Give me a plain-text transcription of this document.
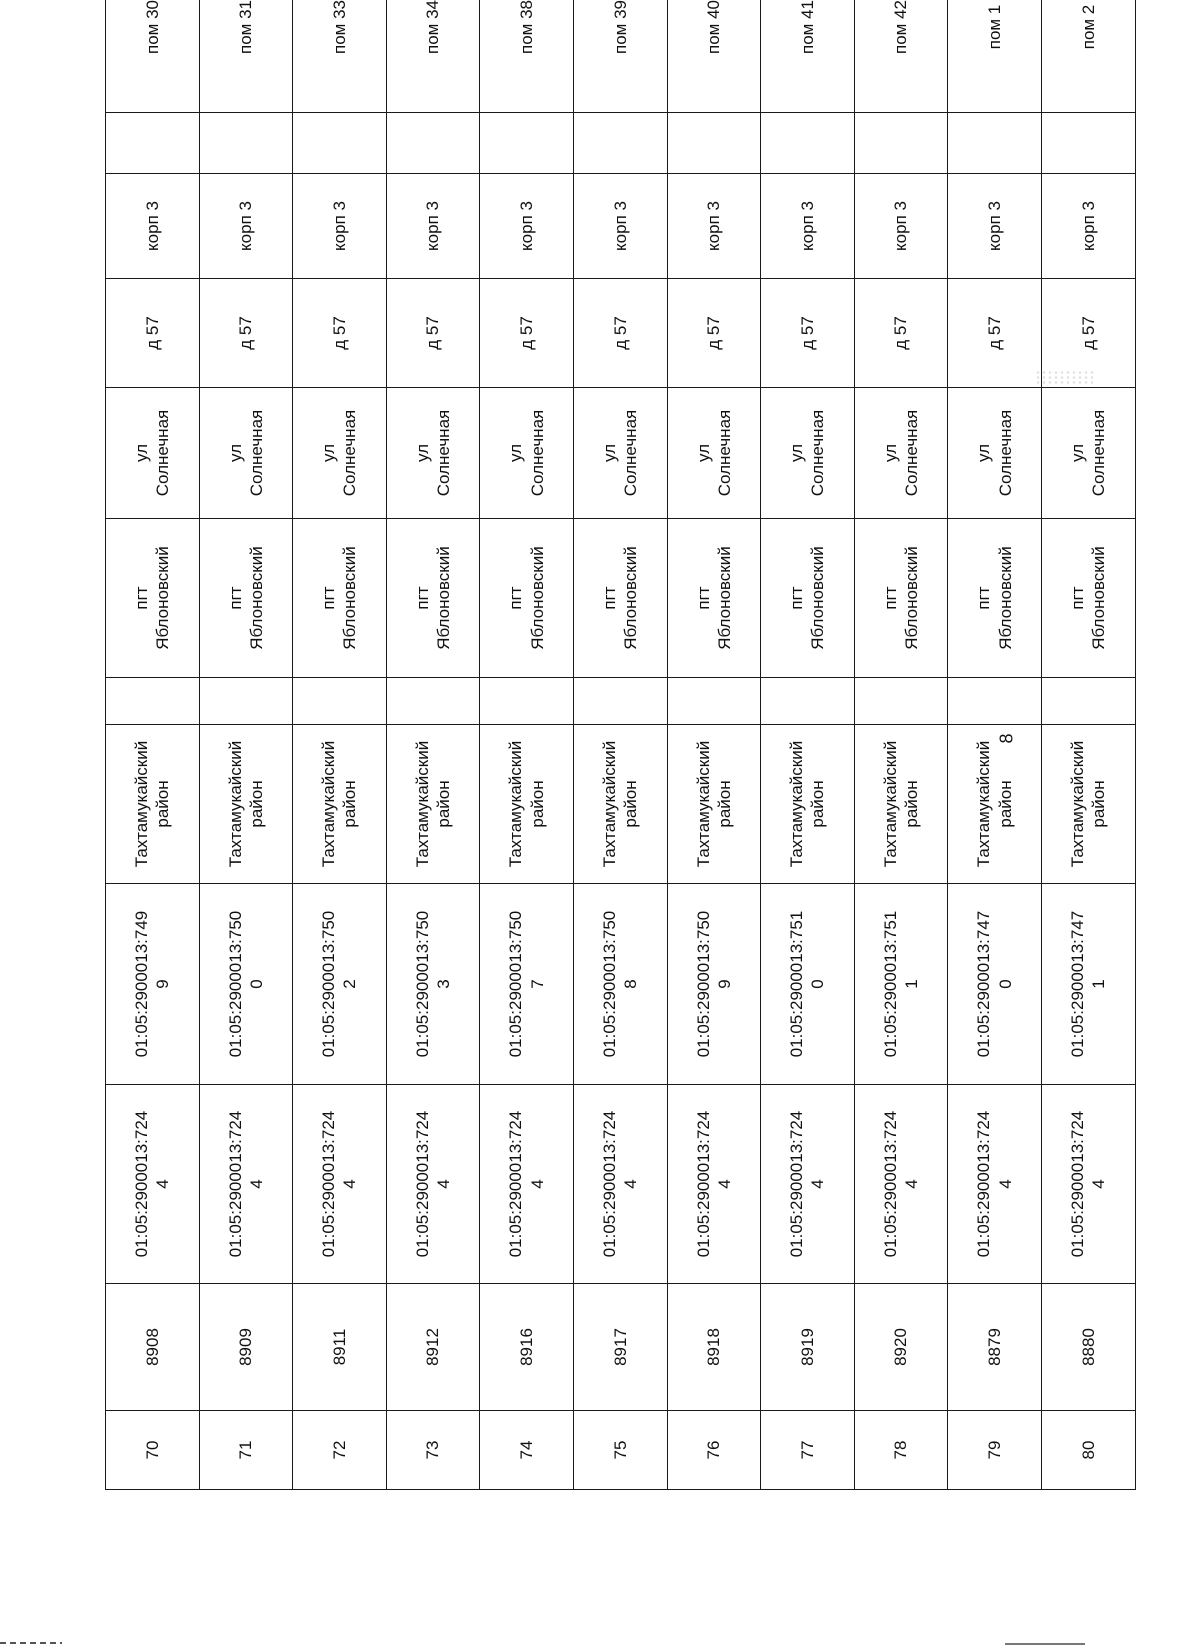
70	8908	01:05:2900013:724 4	01:05:2900013:749 9	Тахтамукайский район		пгт Яблоновский	ул Солнечная	д 57	корп 3		пом 30
71	8909	01:05:2900013:724 4	01:05:2900013:750 0	Тахтамукайский район		пгт Яблоновский	ул Солнечная	д 57	корп 3		пом 31
72	8911	01:05:2900013:724 4	01:05:2900013:750 2	Тахтамукайский район		пгт Яблоновский	ул Солнечная	д 57	корп 3		пом 33
73	8912	01:05:2900013:724 4	01:05:2900013:750 3	Тахтамукайский район		пгт Яблоновский	ул Солнечная	д 57	корп 3		пом 34
74	8916	01:05:2900013:724 4	01:05:2900013:750 7	Тахтамукайский район		пгт Яблоновский	ул Солнечная	д 57	корп 3		пом 38
75	8917	01:05:2900013:724 4	01:05:2900013:750 8	Тахтамукайский район		пгт Яблоновский	ул Солнечная	д 57	корп 3		пом 39
76	8918	01:05:2900013:724 4	01:05:2900013:750 9	Тахтамукайский район		пгт Яблоновский	ул Солнечная	д 57	корп 3		пом 40
77	8919	01:05:2900013:724 4	01:05:2900013:751 0	Тахтамукайский район		пгт Яблоновский	ул Солнечная	д 57	корп 3		пом 41
78	8920	01:05:2900013:724 4	01:05:2900013:751 1	Тахтамукайский район		пгт Яблоновский	ул Солнечная	д 57	корп 3		пом 42
79	8879	01:05:2900013:724 4	01:05:2900013:747 0	Тахтамукайский район		пгт Яблоновский	ул Солнечная	д 57	корп 3		пом 1
80	8880	01:05:2900013:724 4	01:05:2900013:747 1	Тахтамукайский район		пгт Яблоновский	ул Солнечная	д 57	корп 3		пом 2
8
